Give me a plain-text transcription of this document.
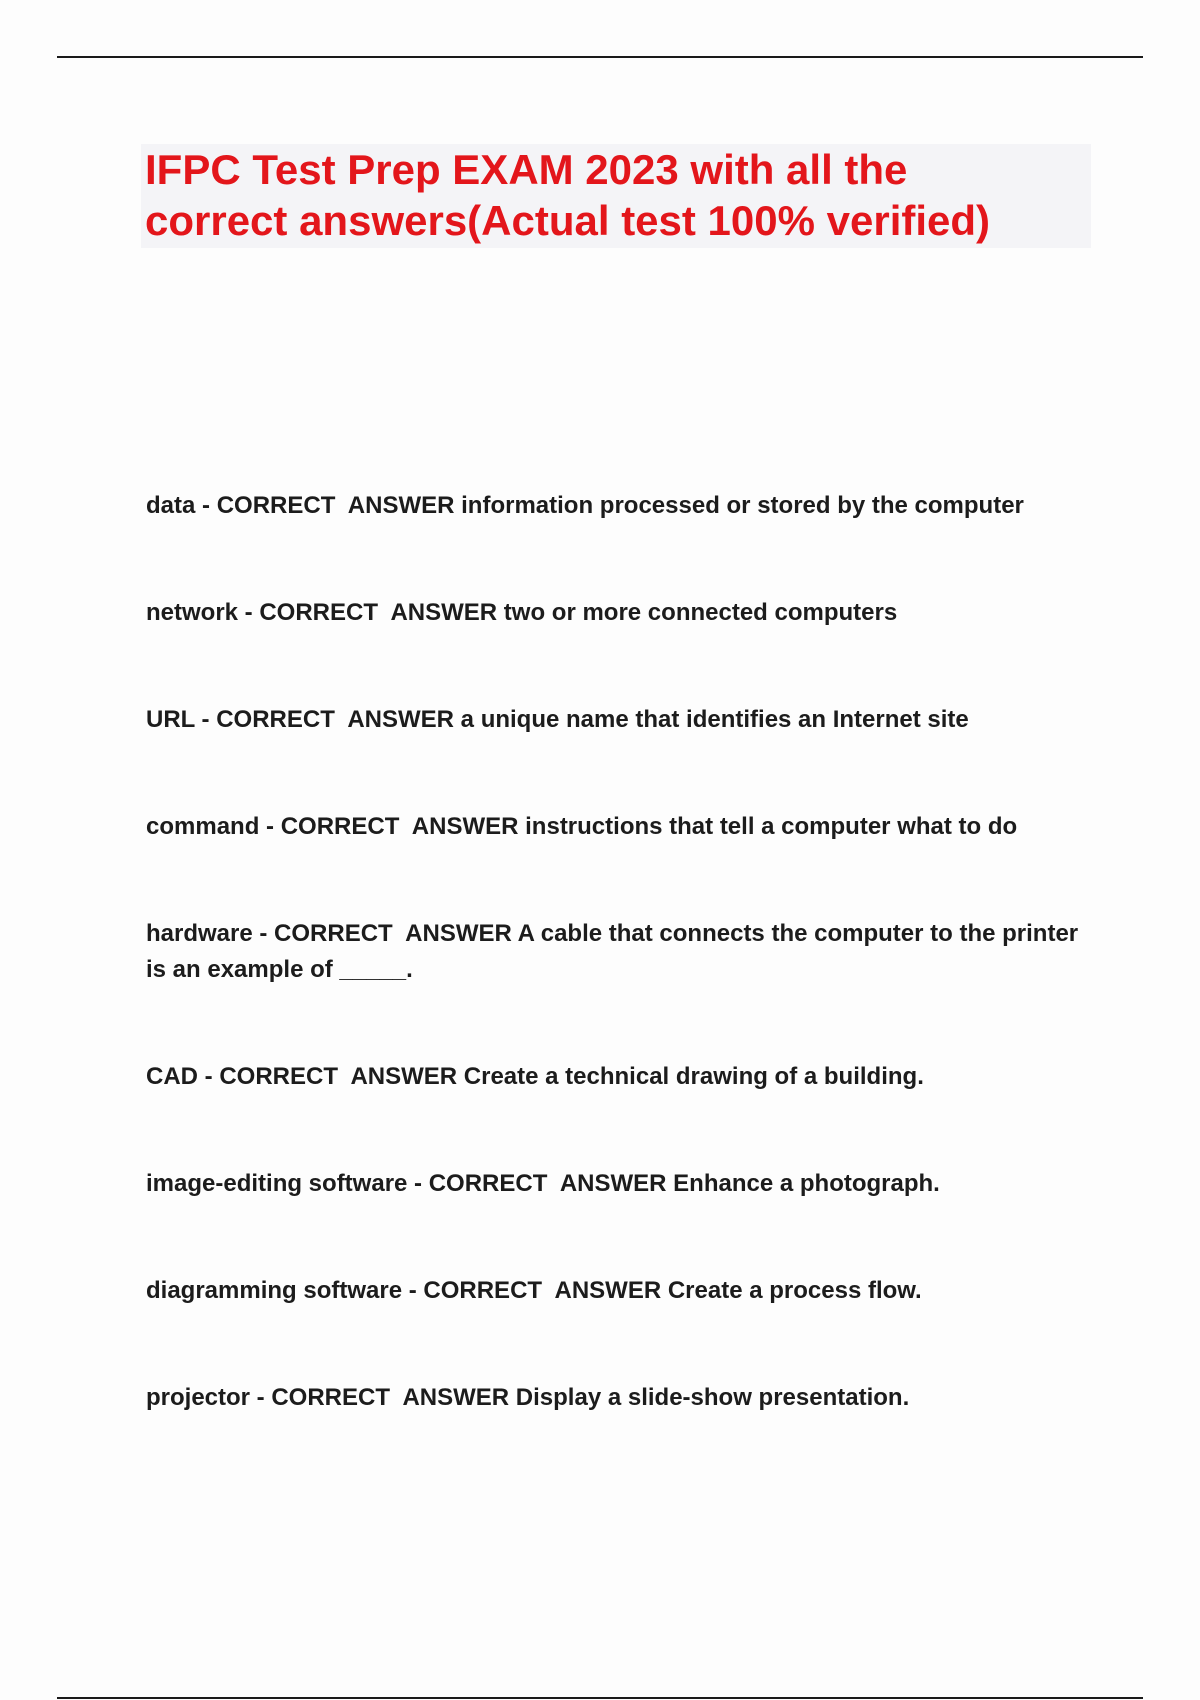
IFPC Test Prep EXAM 2023 with all the
correct answers(Actual test 100% verified)

data - CORRECT  ANSWER information processed or stored by the computer

network - CORRECT  ANSWER two or more connected computers

URL - CORRECT  ANSWER a unique name that identifies an Internet site

command - CORRECT  ANSWER instructions that tell a computer what to do

hardware - CORRECT  ANSWER A cable that connects the computer to the printer is an example of _____.

CAD - CORRECT  ANSWER Create a technical drawing of a building.

image-editing software - CORRECT  ANSWER Enhance a photograph.

diagramming software - CORRECT  ANSWER Create a process flow.

projector - CORRECT  ANSWER Display a slide-show presentation.
